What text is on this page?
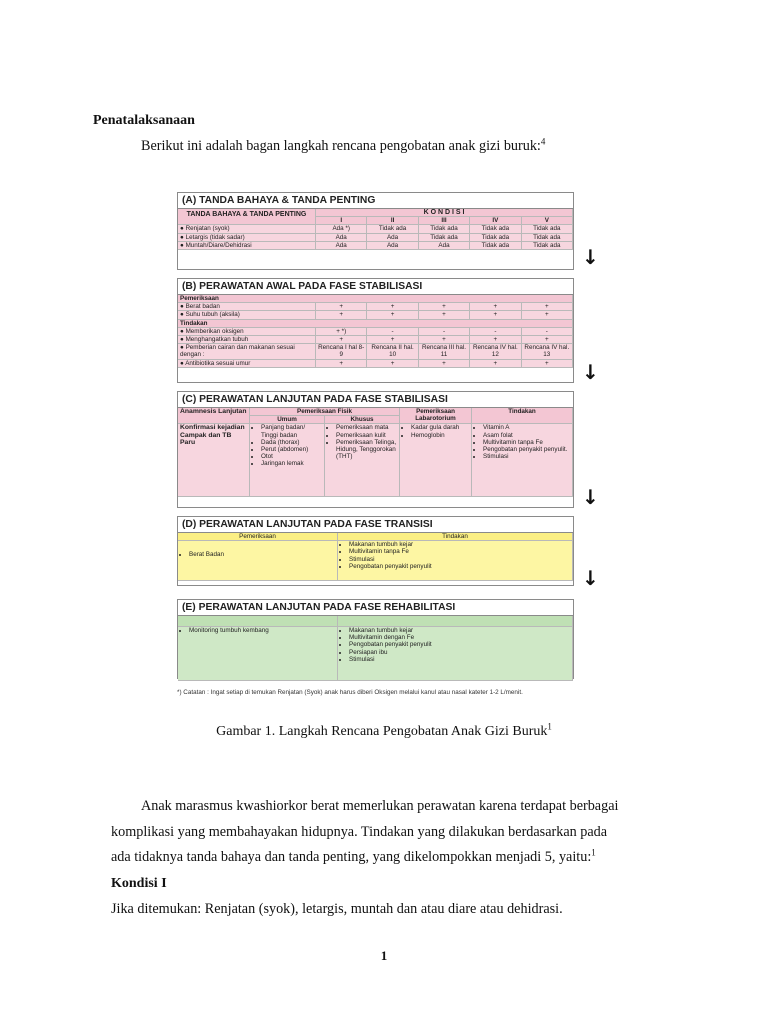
Penatalaksanaan
Berikut ini adalah bagan langkah rencana pengobatan anak gizi buruk:$^4$
(A) TANDA BAHAYA & TANDA PENTING
TANDA BAHAYA & TANDA PENTING	K O N D I S I
I	II	III	IV	V
● Renjatan (syok)	Ada *)	Tidak ada	Tidak ada	Tidak ada	Tidak ada
● Letargis (tidak sadar)	Ada	Ada	Tidak ada	Tidak ada	Tidak ada
● Muntah/Diare/Dehidrasi	Ada	Ada	Ada	Tidak ada	Tidak ada
(B) PERAWATAN AWAL PADA FASE STABILISASI
Pemeriksaan
● Berat badan	+	+	+	+	+
● Suhu tubuh (aksila)	+	+	+	+	+
Tindakan
● Memberikan oksigen	+ *)	-	-	-	-
● Menghangatkan tubuh	+	+	+	+	+
● Pemberian cairan dan makanan sesuai dengan :
Rencana I hal 8-9
Rencana II hal. 10
Rencana III hal. 11
Rencana IV hal. 12
Rencana IV hal. 13
● Antibiotika sesuai umur	+	+	+	+	+
(C) PERAWATAN LANJUTAN PADA FASE STABILISASI
Anamnesis Lanjutan	Pemeriksaan Fisik	Pemeriksaan Labarotorium
Tindakan
Umum	Khusus
Konfirmasi kejadian Campak dan TB Paru
• Panjang badan/ Tinggi badan
• Dada (thorax)
• Perut (abdomen)
• Otot
• Jaringan lemak
• Pemeriksaan mata
• Pemeriksaan kulit
• Pemeriksaan Telinga, Hidung, Tenggorokan (THT)
• Kadar gula darah
• Hemoglobin
• Vitamin A
• Asam folat
• Multivitamin tanpa Fe
• Pengobatan penyakit penyulit.
• Stimulasi
(D) PERAWATAN LANJUTAN PADA FASE TRANSISI
Pemeriksaan	Tindakan
• Berat Badan
• Makanan tumbuh kejar
• Multivitamin tanpa Fe
• Stimulasi
• Pengobatan penyakit penyulit
(E) PERAWATAN LANJUTAN PADA FASE REHABILITASI
• Monitoring tumbuh kembang
•	Makanan tumbuh kejar
• Multivitamin dengan Fe
• Pengobatan penyakit penyulit
• Persiapan ibu
• Stimulasi
↓
↓
↓
↓
*) Catatan : Ingat setiap di temukan Renjatan (Syok) anak harus diberi Oksigen melalui kanul atau nasal kateter 1-2 L/menit.
Gambar 1. Langkah Rencana Pengobatan Anak Gizi Buruk$^1$
Anak marasmus kwashiorkor berat memerlukan perawatan karena terdapat berbagai
komplikasi yang membahayakan hidupnya. Tindakan yang dilakukan berdasarkan pada
ada tidaknya tanda bahaya dan tanda penting, yang dikelompokkan menjadi 5, yaitu:$^1$
Kondisi I
Jika ditemukan: Renjatan (syok), letargis, muntah dan atau diare atau dehidrasi.
1
